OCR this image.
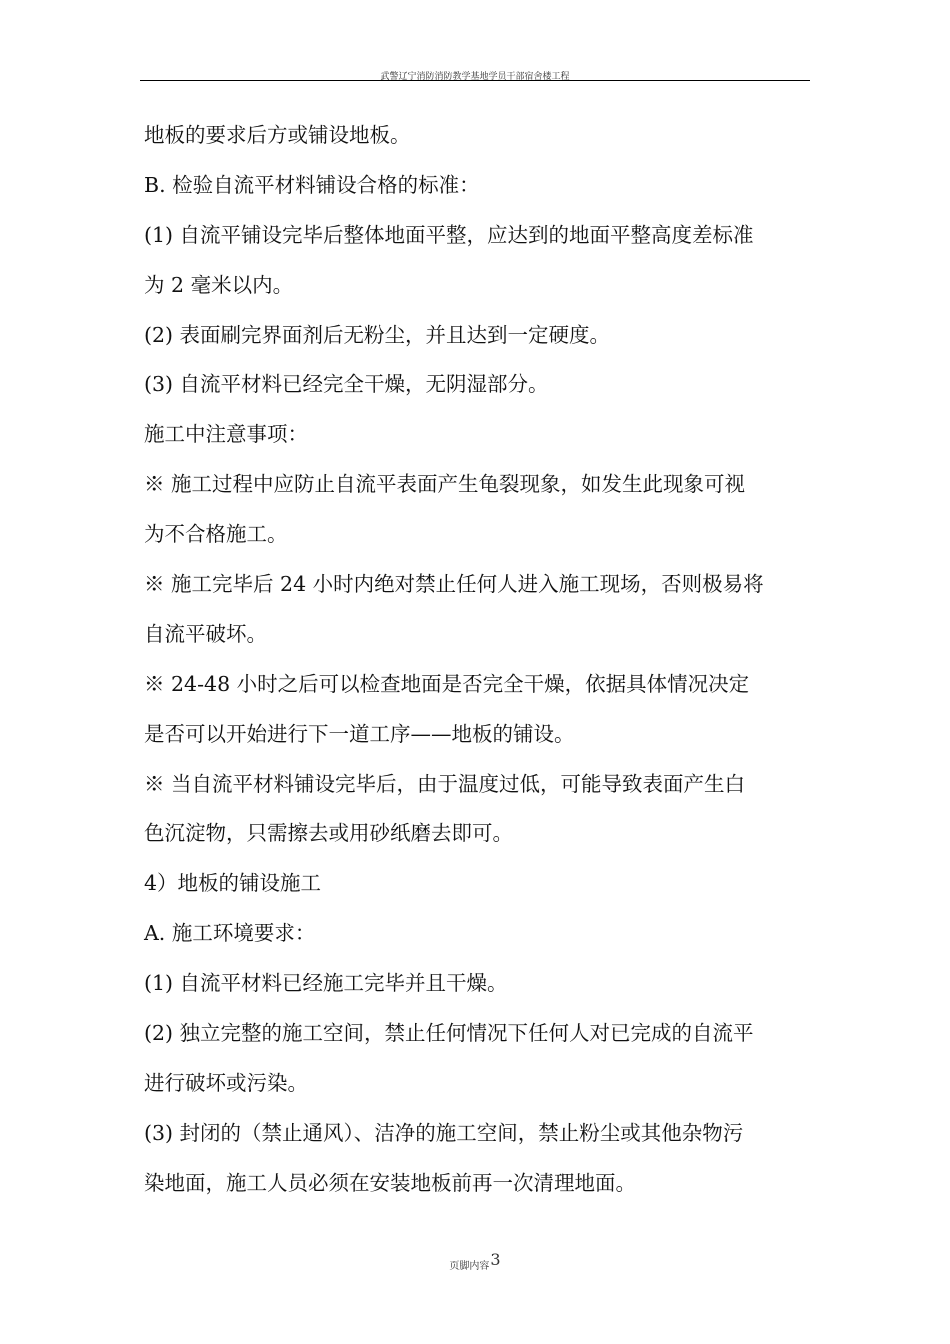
武警辽宁消防消防教学基地学员干部宿舍楼工程
地板的要求后方或铺设地板。
B. 检验自流平材料铺设合格的标准：
(1) 自流平铺设完毕后整体地面平整，应达到的地面平整高度差标准
为 2 毫米以内。
(2) 表面刷完界面剂后无粉尘，并且达到一定硬度。
(3) 自流平材料已经完全干燥，无阴湿部分。
施工中注意事项：
※ 施工过程中应防止自流平表面产生龟裂现象，如发生此现象可视
为不合格施工。
※ 施工完毕后 24 小时内绝对禁止任何人进入施工现场，否则极易将
自流平破坏。
※ 24-48 小时之后可以检查地面是否完全干燥，依据具体情况决定
是否可以开始进行下一道工序——地板的铺设。
※ 当自流平材料铺设完毕后，由于温度过低，可能导致表面产生白
色沉淀物，只需擦去或用砂纸磨去即可。
4）地板的铺设施工
A. 施工环境要求：
(1) 自流平材料已经施工完毕并且干燥。
(2) 独立完整的施工空间，禁止任何情况下任何人对已完成的自流平
进行破坏或污染。
(3) 封闭的（禁止通风）、洁净的施工空间，禁止粉尘或其他杂物污
染地面，施工人员必须在安装地板前再一次清理地面。
页脚内容3
